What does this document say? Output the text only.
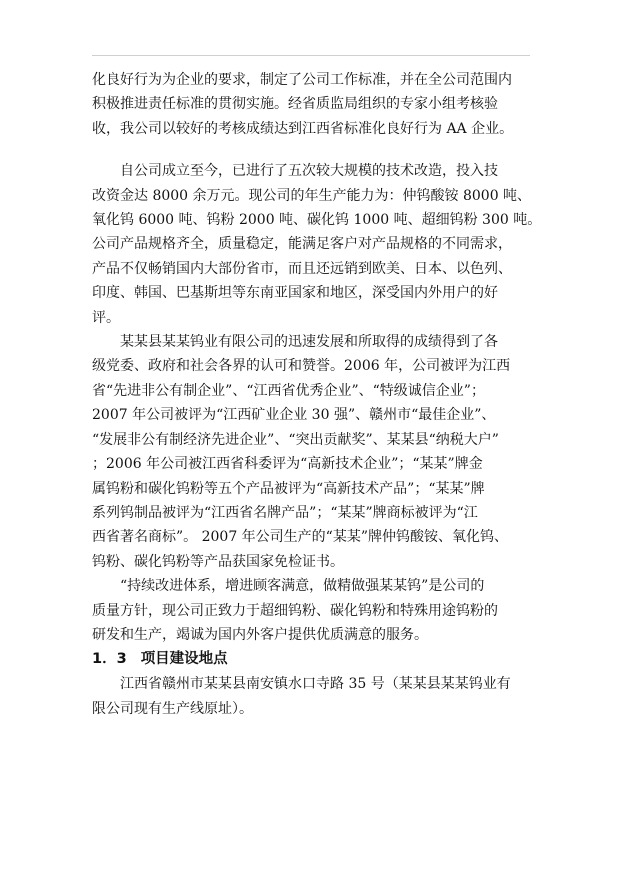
化良好行为为企业的要求，制定了公司工作标准，并在全公司范围内
积极推进责任标准的贯彻实施。经省质监局组织的专家小组考核验
收，我公司以较好的考核成绩达到江西省标准化良好行为 AA 企业。

自公司成立至今，已进行了五次较大规模的技术改造，投入技
改资金达 8000 余万元。现公司的年生产能力为：仲钨酸铵 8000 吨、
氧化钨 6000 吨、钨粉 2000 吨、碳化钨 1000 吨、超细钨粉 300 吨。
公司产品规格齐全，质量稳定，能满足客户对产品规格的不同需求，
产品不仅畅销国内大部份省市，而且还远销到欧美、日本、以色列、
印度、韩国、巴基斯坦等东南亚国家和地区，深受国内外用户的好
评。

某某县某某钨业有限公司的迅速发展和所取得的成绩得到了各
级党委、政府和社会各界的认可和赞誉。2006 年，公司被评为江西
省“先进非公有制企业”、“江西省优秀企业”、“特级诚信企业”；
2007 年公司被评为“江西矿业企业 30 强”、赣州市“最佳企业”、
“发展非公有制经济先进企业”、“突出贡献奖”、某某县“纳税大户”
；2006 年公司被江西省科委评为“高新技术企业”；“某某”牌金
属钨粉和碳化钨粉等五个产品被评为“高新技术产品”；“某某”牌
系列钨制品被评为“江西省名牌产品”；“某某”牌商标被评为“江
西省著名商标”。 2007 年公司生产的“某某”牌仲钨酸铵、氧化钨、
钨粉、碳化钨粉等产品获国家免检证书。

“持续改进体系，增进顾客满意，做精做强某某钨”是公司的
质量方针，现公司正致力于超细钨粉、碳化钨粉和特殊用途钨粉的
研发和生产，竭诚为国内外客户提供优质满意的服务。

1．3 项目建设地点

江西省赣州市某某县南安镇水口寺路 35 号（某某县某某钨业有
限公司现有生产线原址）。
